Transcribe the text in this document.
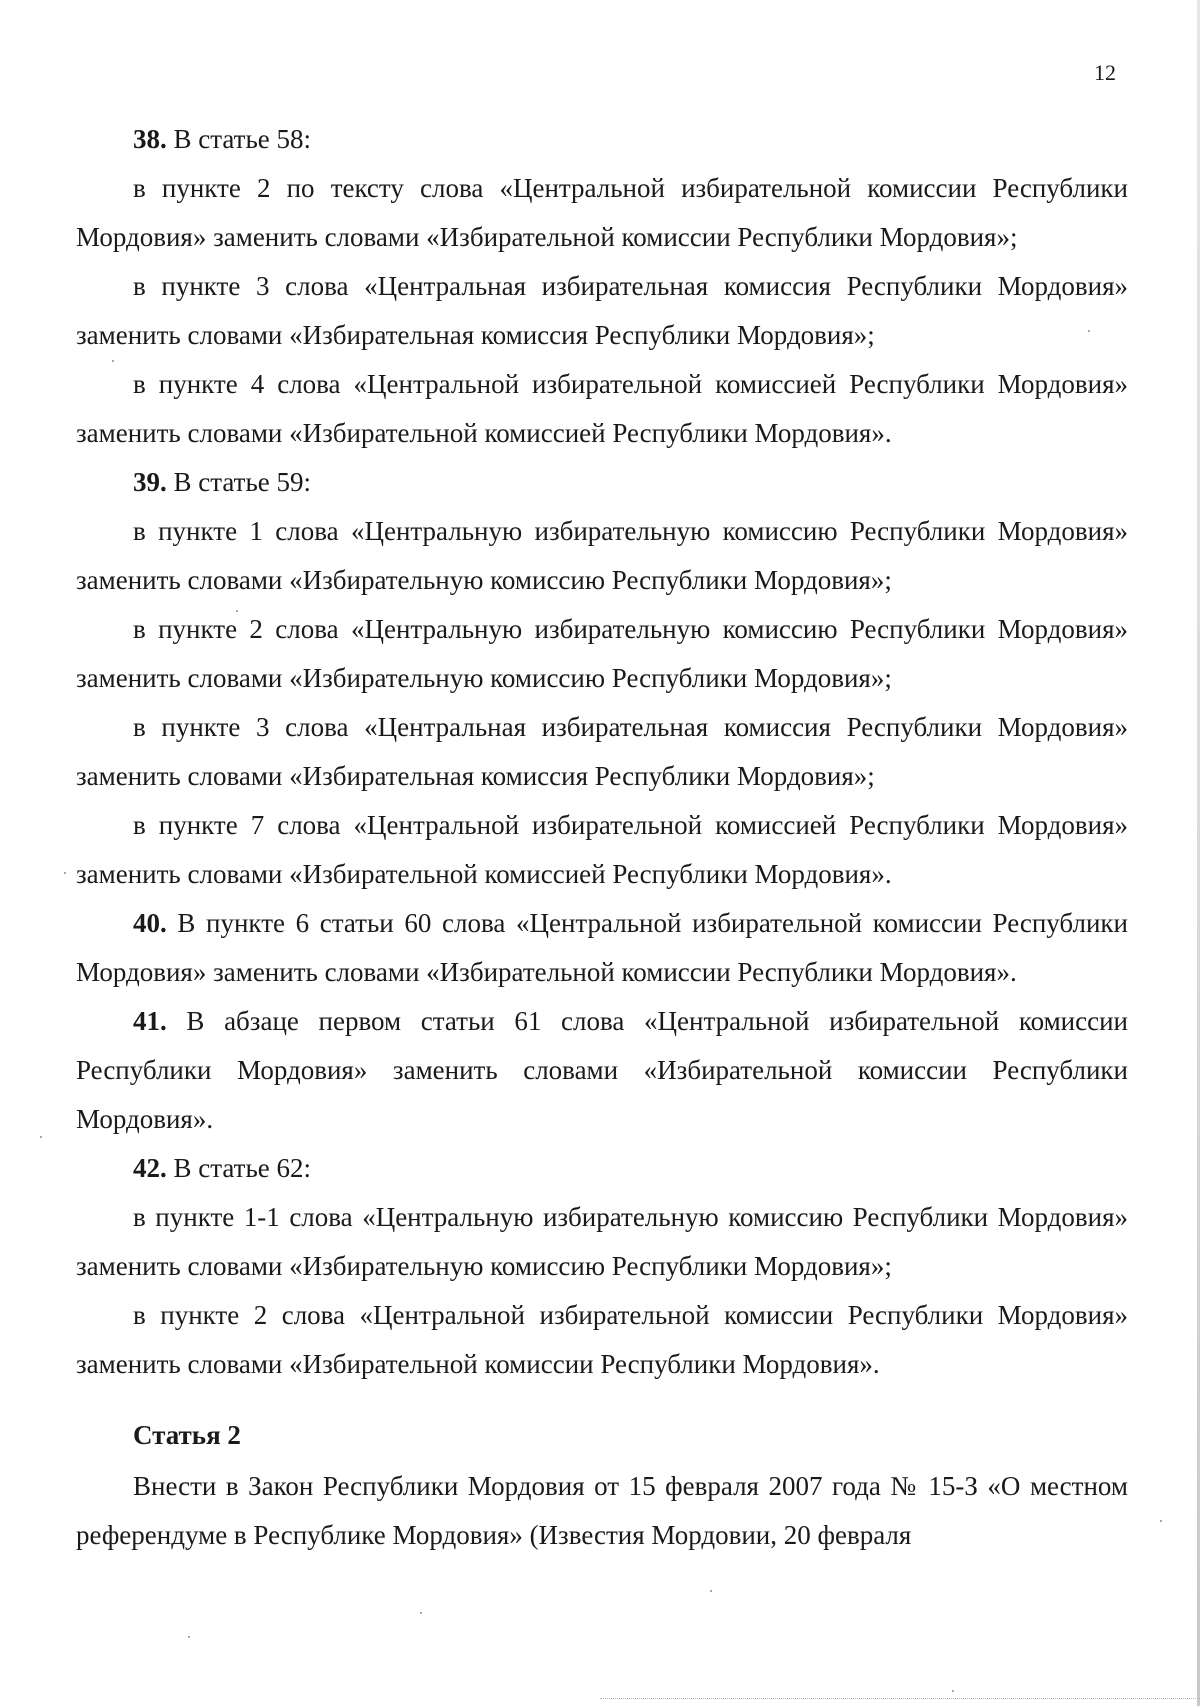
12

38. В статье 58:

в пункте 2 по тексту слова «Центральной избирательной комиссии Республики Мордовия» заменить словами «Избирательной комиссии Республики Мордовия»;

в пункте 3 слова «Центральная избирательная комиссия Республики Мордовия» заменить словами «Избирательная комиссия Республики Мордовия»;

в пункте 4 слова «Центральной избирательной комиссией Республики Мордовия» заменить словами «Избирательной комиссией Республики Мордовия».

39. В статье 59:

в пункте 1 слова «Центральную избирательную комиссию Республики Мордовия» заменить словами «Избирательную комиссию Республики Мордовия»;

в пункте 2 слова «Центральную избирательную комиссию Республики Мордовия» заменить словами «Избирательную комиссию Республики Мордовия»;

в пункте 3 слова «Центральная избирательная комиссия Республики Мордовия» заменить словами «Избирательная комиссия Республики Мордовия»;

в пункте 7 слова «Центральной избирательной комиссией Республики Мордовия» заменить словами «Избирательной комиссией Республики Мордовия».

40. В пункте 6 статьи 60 слова «Центральной избирательной комиссии Республики Мордовия» заменить словами «Избирательной комиссии Республики Мордовия».

41. В абзаце первом статьи 61 слова «Центральной избирательной комиссии Республики Мордовия» заменить словами «Избирательной комиссии Республики Мордовия».

42. В статье 62:

в пункте 1-1 слова «Центральную избирательную комиссию Республики Мордовия» заменить словами «Избирательную комиссию Республики Мордовия»;

в пункте 2 слова «Центральной избирательной комиссии Республики Мордовия» заменить словами «Избирательной комиссии Республики Мордовия».

Статья 2

Внести в Закон Республики Мордовия от 15 февраля 2007 года № 15-З «О местном референдуме в Республике Мордовия» (Известия Мордовии, 20 февраля
